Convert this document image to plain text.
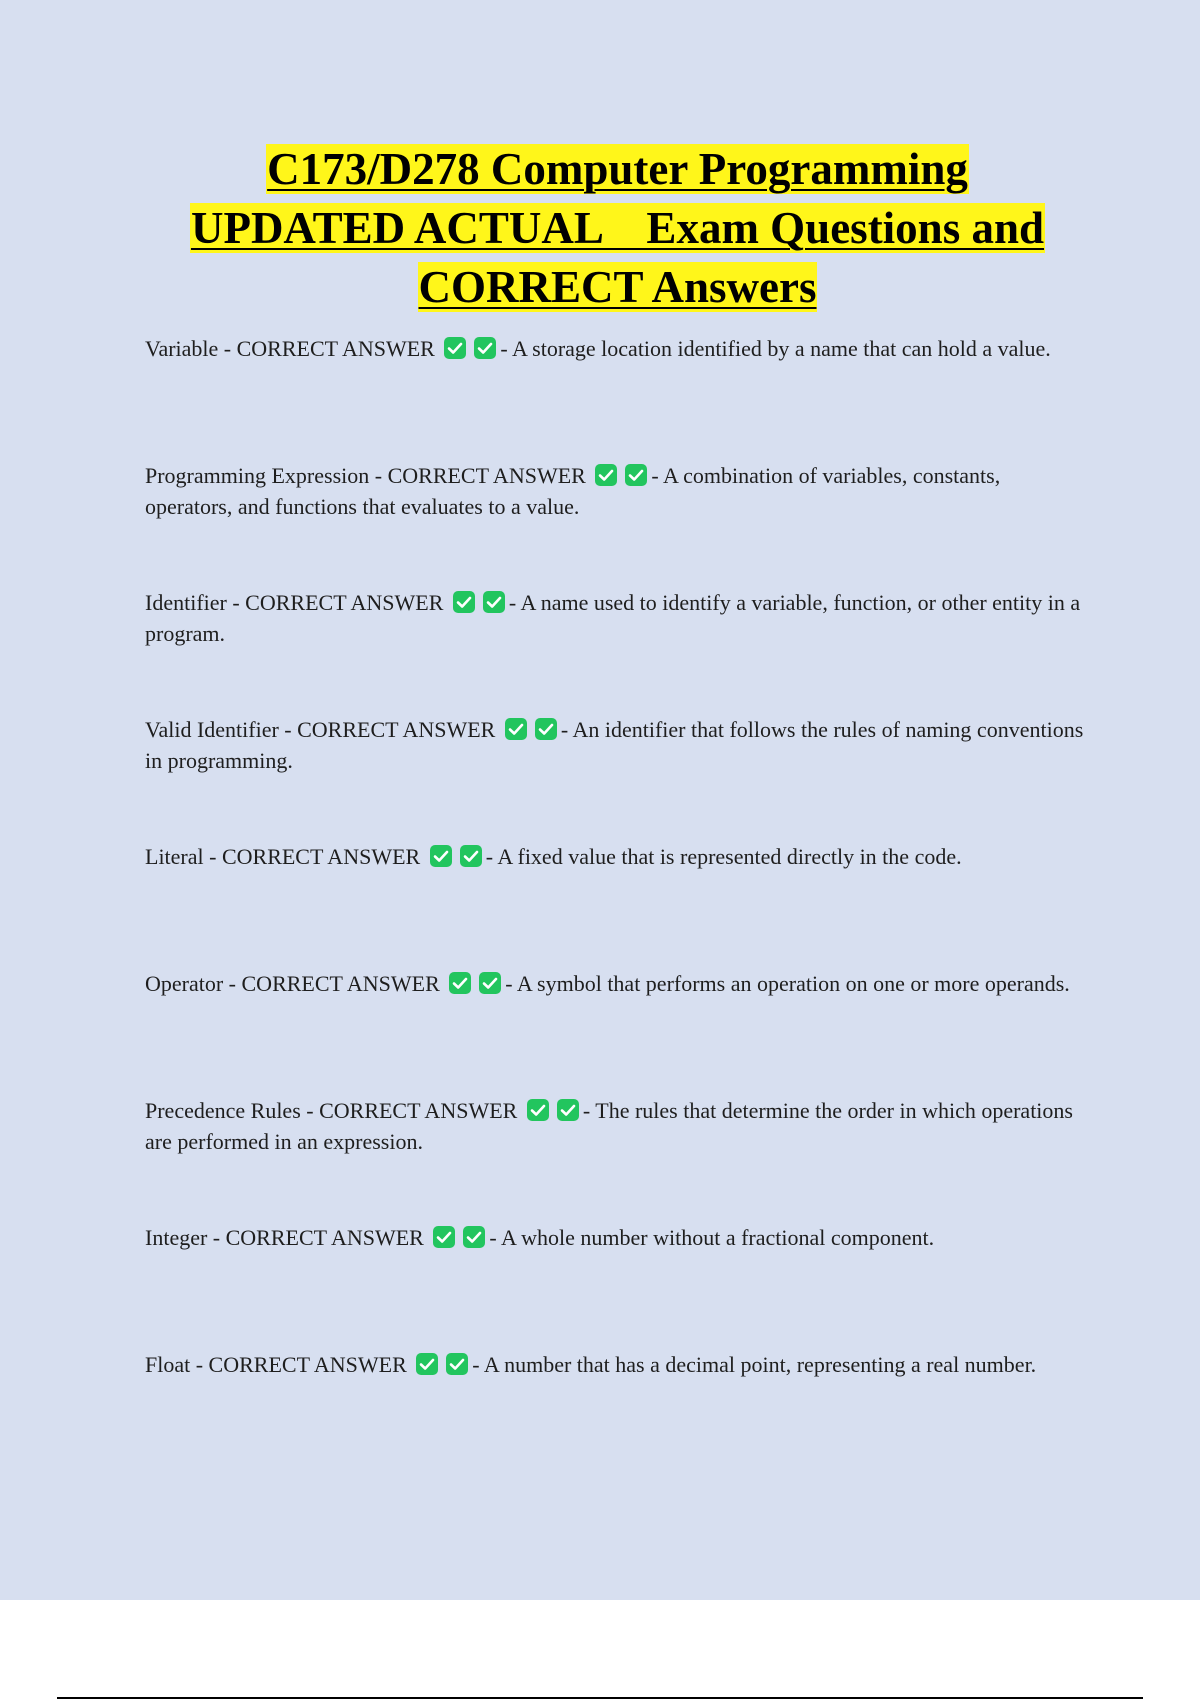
C173/D278 Computer Programming
UPDATED ACTUAL    Exam Questions and
CORRECT Answers
Variable - CORRECT ANSWER	- A storage location identified by a name that can hold a value.
Programming Expression - CORRECT ANSWER	- A combination of variables, constants, operators, and functions that evaluates to a value.
Identifier - CORRECT ANSWER	- A name used to identify a variable, function, or other entity in a program.
Valid Identifier - CORRECT ANSWER	- An identifier that follows the rules of naming conventions in programming.
Literal - CORRECT ANSWER	- A fixed value that is represented directly in the code.
Operator - CORRECT ANSWER	- A symbol that performs an operation on one or more operands.
Precedence Rules - CORRECT ANSWER	- The rules that determine the order in which operations are performed in an expression.
Integer - CORRECT ANSWER	- A whole number without a fractional component.
Float - CORRECT ANSWER	- A number that has a decimal point, representing a real number.
